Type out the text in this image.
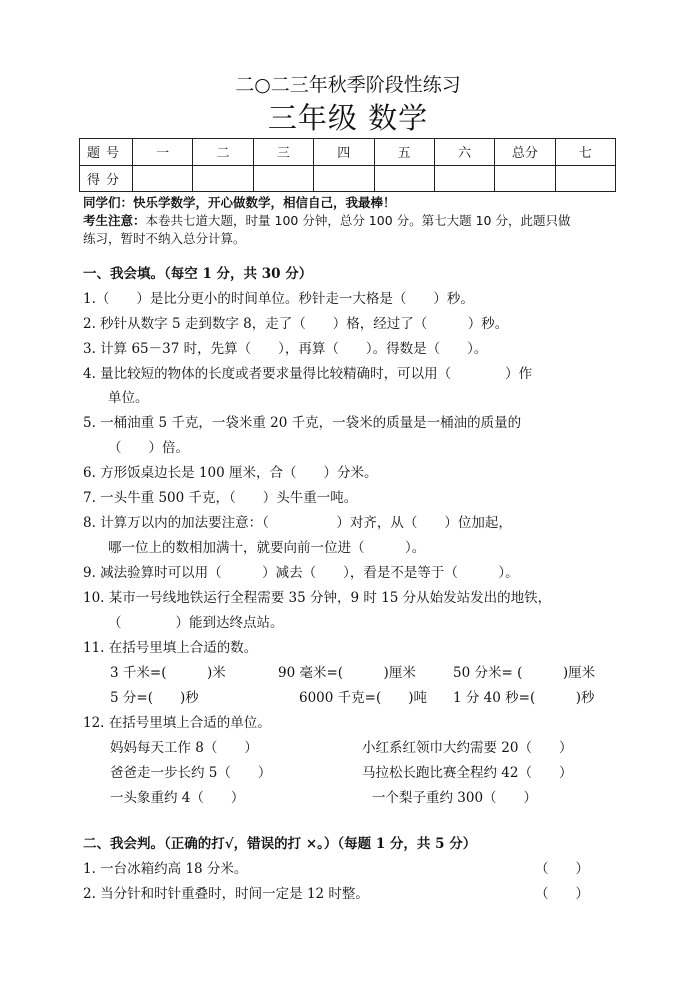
二○二三年秋季阶段性练习
三年级 数学
题号	一	二	三	四	五	六	总分	七
得分								
同学们：快乐学数学，开心做数学，相信自己，我最棒！
考生注意：本卷共七道大题，时量 100 分钟，总分 100 分。第七大题 10 分，此题只做
练习，暂时不纳入总分计算。
一、我会填。（每空 1 分，共 30 分）
1.（　　）是比分更小的时间单位。秒针走一大格是（　　）秒。
2. 秒针从数字 5 走到数字 8，走了（　　）格，经过了（　　　）秒。
3. 计算 65－37 时，先算（　　），再算（　　）。得数是（　　）。
4. 量比较短的物体的长度或者要求量得比较精确时，可以用（　　　　）作
单位。
5. 一桶油重 5 千克，一袋米重 20 千克，一袋米的质量是一桶油的质量的
（　　）倍。
6. 方形饭桌边长是 100 厘米，合（　　）分米。
7. 一头牛重 500 千克，（　　）头牛重一吨。
8. 计算万以内的加法要注意：（　　　　　）对齐，从（　　）位加起，
哪一位上的数相加满十，就要向前一位进（　　　）。
9. 减法验算时可以用（　　　）减去（　　），看是不是等于（　　　）。
10. 某市一号线地铁运行全程需要 35 分钟，9 时 15 分从始发站发出的地铁，
（　　　　）能到达终点站。
11. 在括号里填上合适的数。
3 千米=(　　　)米	90 毫米=(　　　)厘米	50 分米= (　　　)厘米
5 分=(　　)秒	6000 千克=(　　)吨 1 分 40 秒=(　　　)秒
12. 在括号里填上合适的单位。
妈妈每天工作 8（　　）	小红系红领巾大约需要 20（　　）
爸爸走一步长约 5（　　）	马拉松长跑比赛全程约 42（　　）
一头象重约 4（　　）	一个梨子重约 300（　　）
二、我会判。（正确的打√，错误的打 ×。）（每题 1 分，共 5 分）
1. 一台冰箱约高 18 分米。	（　　）
2. 当分针和时针重叠时，时间一定是 12 时整。	（　　）
